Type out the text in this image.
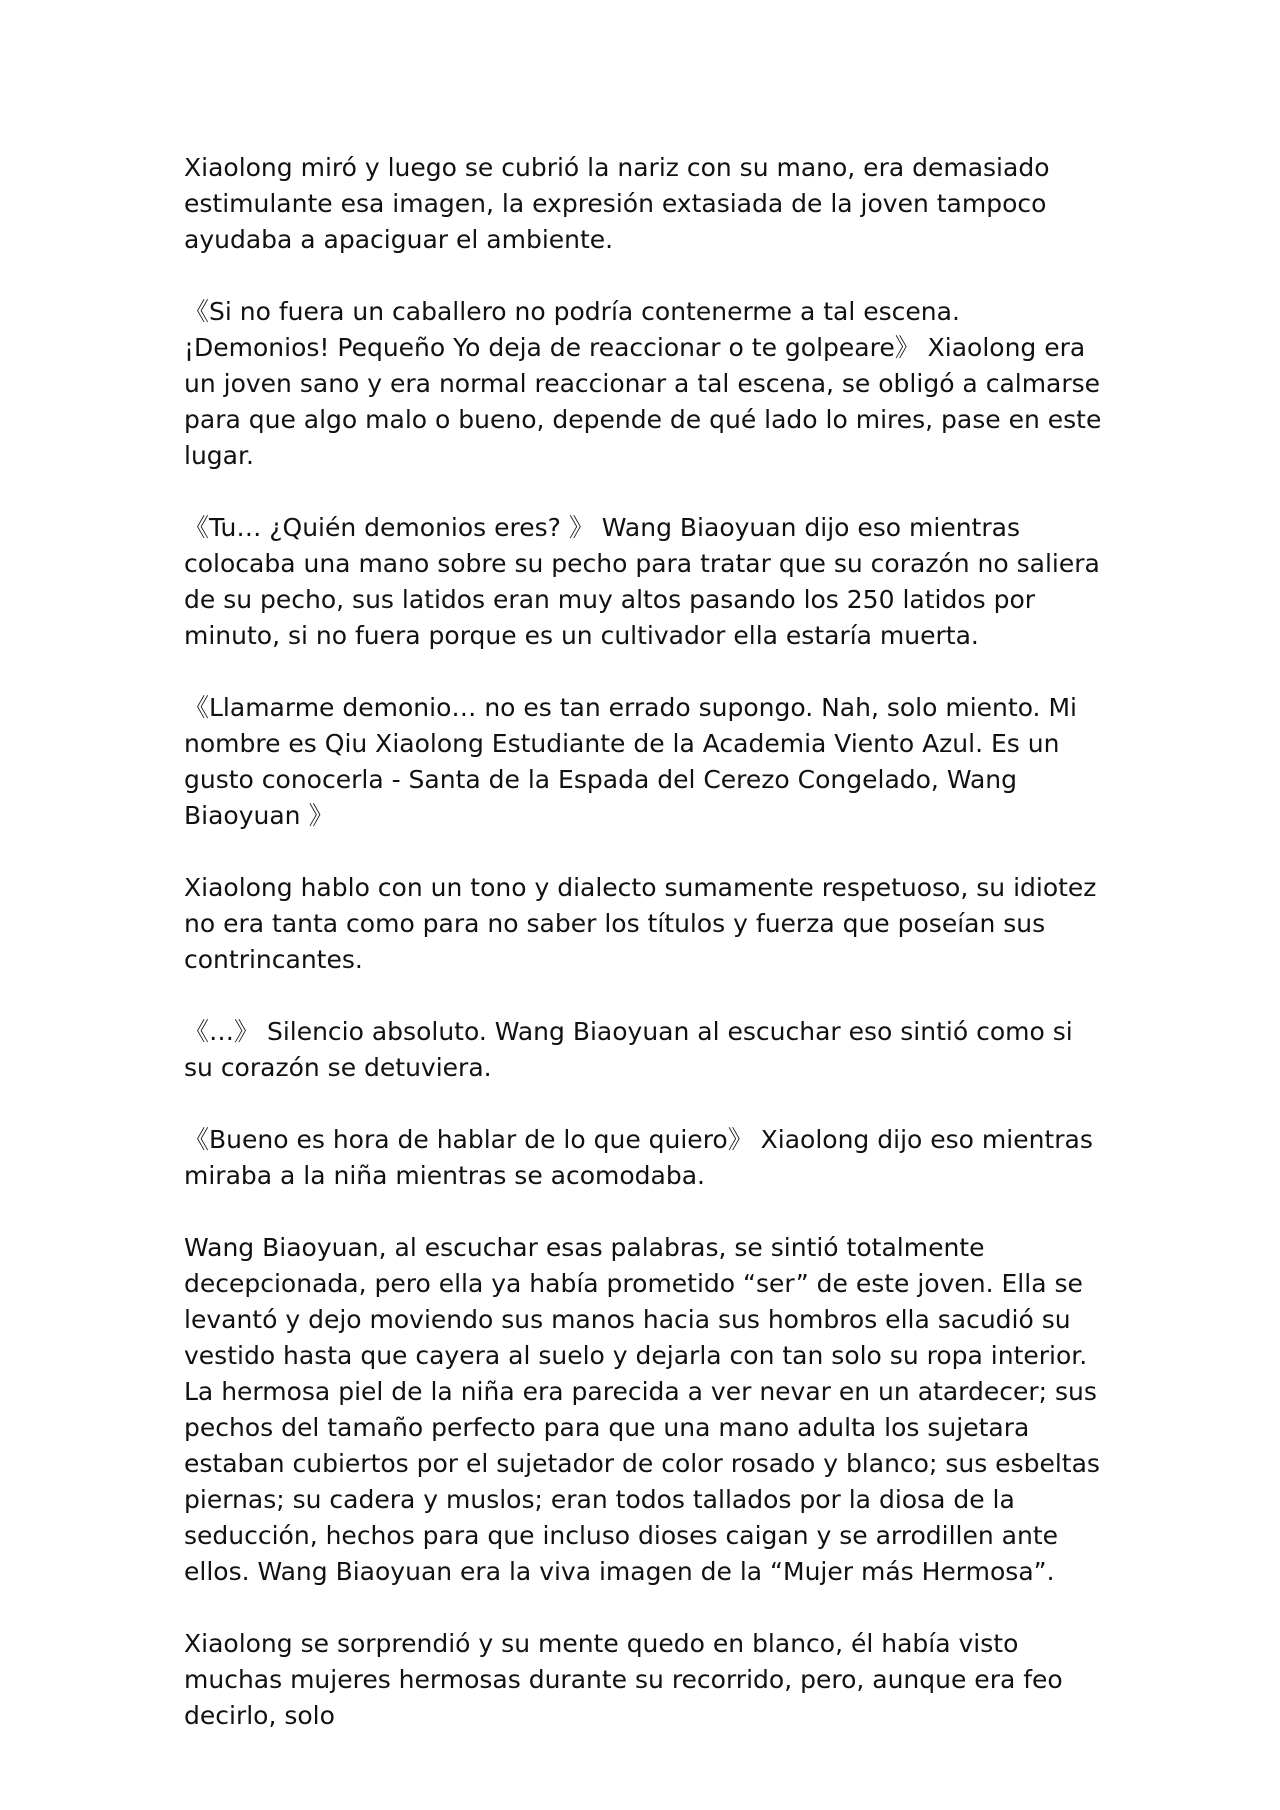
Xiaolong miró y luego se cubrió la nariz con su mano, era demasiado estimulante esa imagen, la expresión extasiada de la joven tampoco ayudaba a apaciguar el ambiente.

《Si no fuera un caballero no podría contenerme a tal escena. ¡Demonios! Pequeño Yo deja de reaccionar o te golpeare》 Xiaolong era un joven sano y era normal reaccionar a tal escena, se obligó a calmarse para que algo malo o bueno, depende de qué lado lo mires, pase en este lugar.

《Tu… ¿Quién demonios eres? 》 Wang Biaoyuan dijo eso mientras colocaba una mano sobre su pecho para tratar que su corazón no saliera de su pecho, sus latidos eran muy altos pasando los 250 latidos por minuto, si no fuera porque es un cultivador ella estaría muerta.

《Llamarme demonio… no es tan errado supongo. Nah, solo miento. Mi nombre es Qiu Xiaolong Estudiante de la Academia Viento Azul. Es un gusto conocerla - Santa de la Espada del Cerezo Congelado, Wang Biaoyuan 》

Xiaolong hablo con un tono y dialecto sumamente respetuoso, su idiotez no era tanta como para no saber los títulos y fuerza que poseían sus contrincantes.

《…》 Silencio absoluto. Wang Biaoyuan al escuchar eso sintió como si su corazón se detuviera.

《Bueno es hora de hablar de lo que quiero》 Xiaolong dijo eso mientras miraba a la niña mientras se acomodaba.

Wang Biaoyuan, al escuchar esas palabras, se sintió totalmente decepcionada, pero ella ya había prometido “ser” de este joven. Ella se levantó y dejo moviendo sus manos hacia sus hombros ella sacudió su vestido hasta que cayera al suelo y dejarla con tan solo su ropa interior. La hermosa piel de la niña era parecida a ver nevar en un atardecer; sus pechos del tamaño perfecto para que una mano adulta los sujetara estaban cubiertos por el sujetador de color rosado y blanco; sus esbeltas piernas; su cadera y muslos; eran todos tallados por la diosa de la seducción, hechos para que incluso dioses caigan y se arrodillen ante ellos. Wang Biaoyuan era la viva imagen de la “Mujer más Hermosa”.

Xiaolong se sorprendió y su mente quedo en blanco, él había visto muchas mujeres hermosas durante su recorrido, pero, aunque era feo decirlo, solo
